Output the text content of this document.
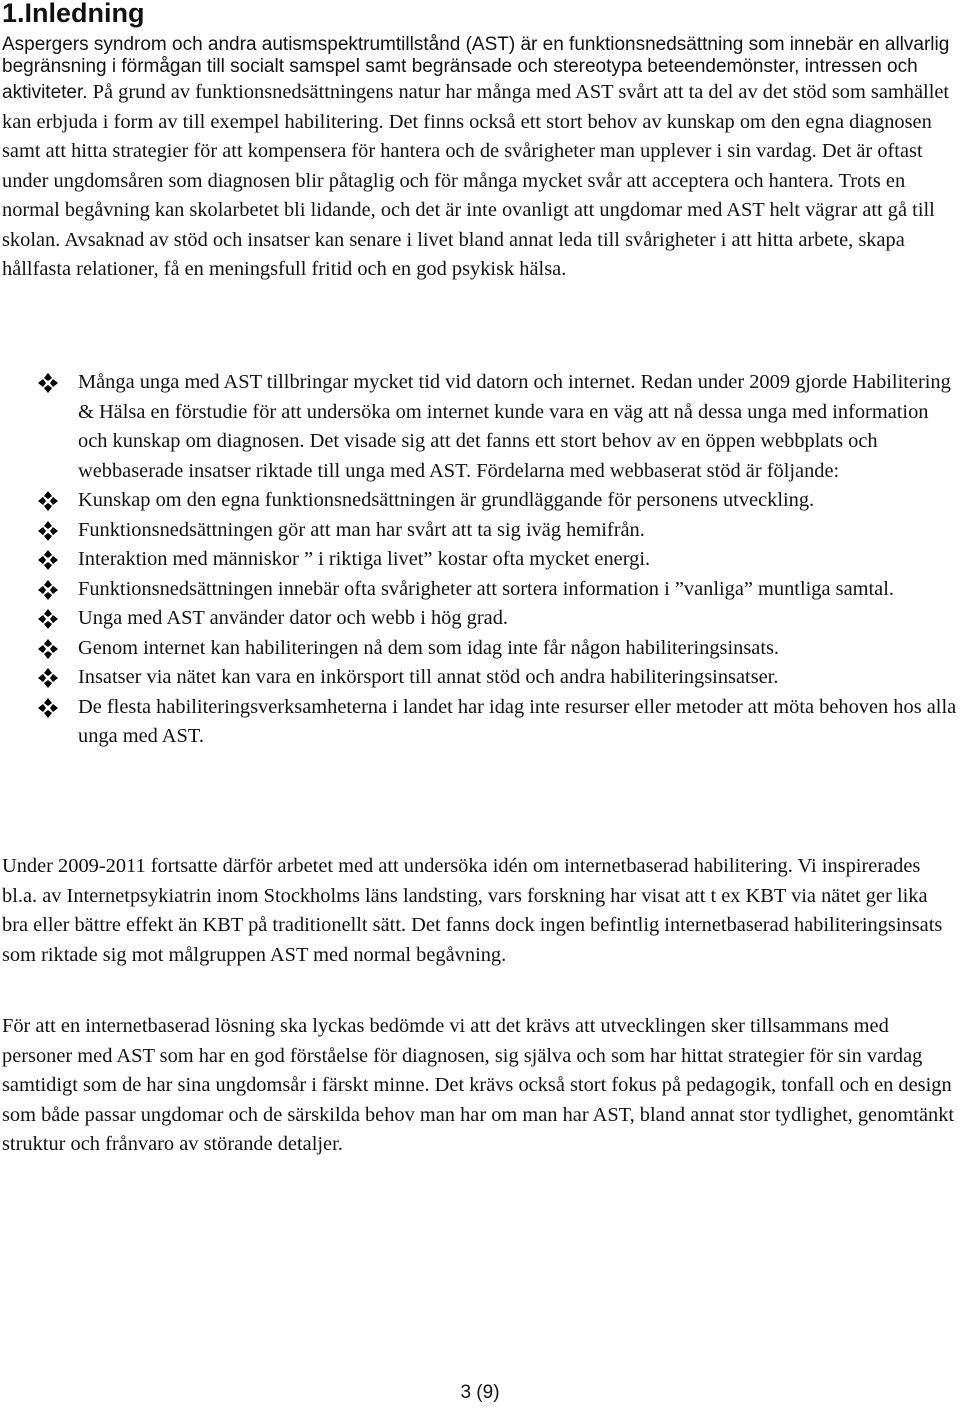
1.Inledning

Aspergers syndrom och andra autismspektrumtillstånd (AST) är en funktionsnedsättning som innebär en allvarlig begränsning i förmågan till socialt samspel samt begränsade och stereotypa beteendemönster, intressen och aktiviteter. På grund av funktionsnedsättningens natur har många med AST svårt att ta del av det stöd som samhället kan erbjuda i form av till exempel habilitering. Det finns också ett stort behov av kunskap om den egna diagnosen samt att hitta strategier för att kompensera för hantera och de svårigheter man upplever i sin vardag. Det är oftast under ungdomsåren som diagnosen blir påtaglig och för många mycket svår att acceptera och hantera. Trots en normal begåvning kan skolarbetet bli lidande, och det är inte ovanligt att ungdomar med AST helt vägrar att gå till skolan. Avsaknad av stöd och insatser kan senare i livet bland annat leda till svårigheter i att hitta arbete, skapa hållfasta relationer, få en meningsfull fritid och en god psykisk hälsa.

Många unga med AST tillbringar mycket tid vid datorn och internet. Redan under 2009 gjorde Habilitering & Hälsa en förstudie för att undersöka om internet kunde vara en väg att nå dessa unga med information och kunskap om diagnosen. Det visade sig att det fanns ett stort behov av en öppen webbplats och webbaserade insatser riktade till unga med AST. Fördelarna med webbaserat stöd är följande:
Kunskap om den egna funktionsnedsättningen är grundläggande för personens utveckling.
Funktionsnedsättningen gör att man har svårt att ta sig iväg hemifrån.
Interaktion med människor ” i riktiga livet” kostar ofta mycket energi.
Funktionsnedsättningen innebär ofta svårigheter att sortera information i ”vanliga” muntliga samtal.
Unga med AST använder dator och webb i hög grad.
Genom internet kan habiliteringen nå dem som idag inte får någon habiliteringsinsats.
Insatser via nätet kan vara en inkörsport till annat stöd och andra habiliteringsinsatser.
De flesta habiliteringsverksamheterna i landet har idag inte resurser eller metoder att möta behoven hos alla unga med AST.

Under 2009-2011 fortsatte därför arbetet med att undersöka idén om internetbaserad habilitering. Vi inspirerades bl.a. av Internetpsykiatrin inom Stockholms läns landsting, vars forskning har visat att t ex KBT via nätet ger lika bra eller bättre effekt än KBT på traditionellt sätt. Det fanns dock ingen befintlig internetbaserad habiliteringsinsats som riktade sig mot målgruppen AST med normal begåvning.

För att en internetbaserad lösning ska lyckas bedömde vi att det krävs att utvecklingen sker tillsammans med personer med AST som har en god förståelse för diagnosen, sig själva och som har hittat strategier för sin vardag samtidigt som de har sina ungdomsår i färskt minne. Det krävs också stort fokus på pedagogik, tonfall och en design som både passar ungdomar och de särskilda behov man har om man har AST, bland annat stor tydlighet, genomtänkt struktur och frånvaro av störande detaljer.

3 (9)
